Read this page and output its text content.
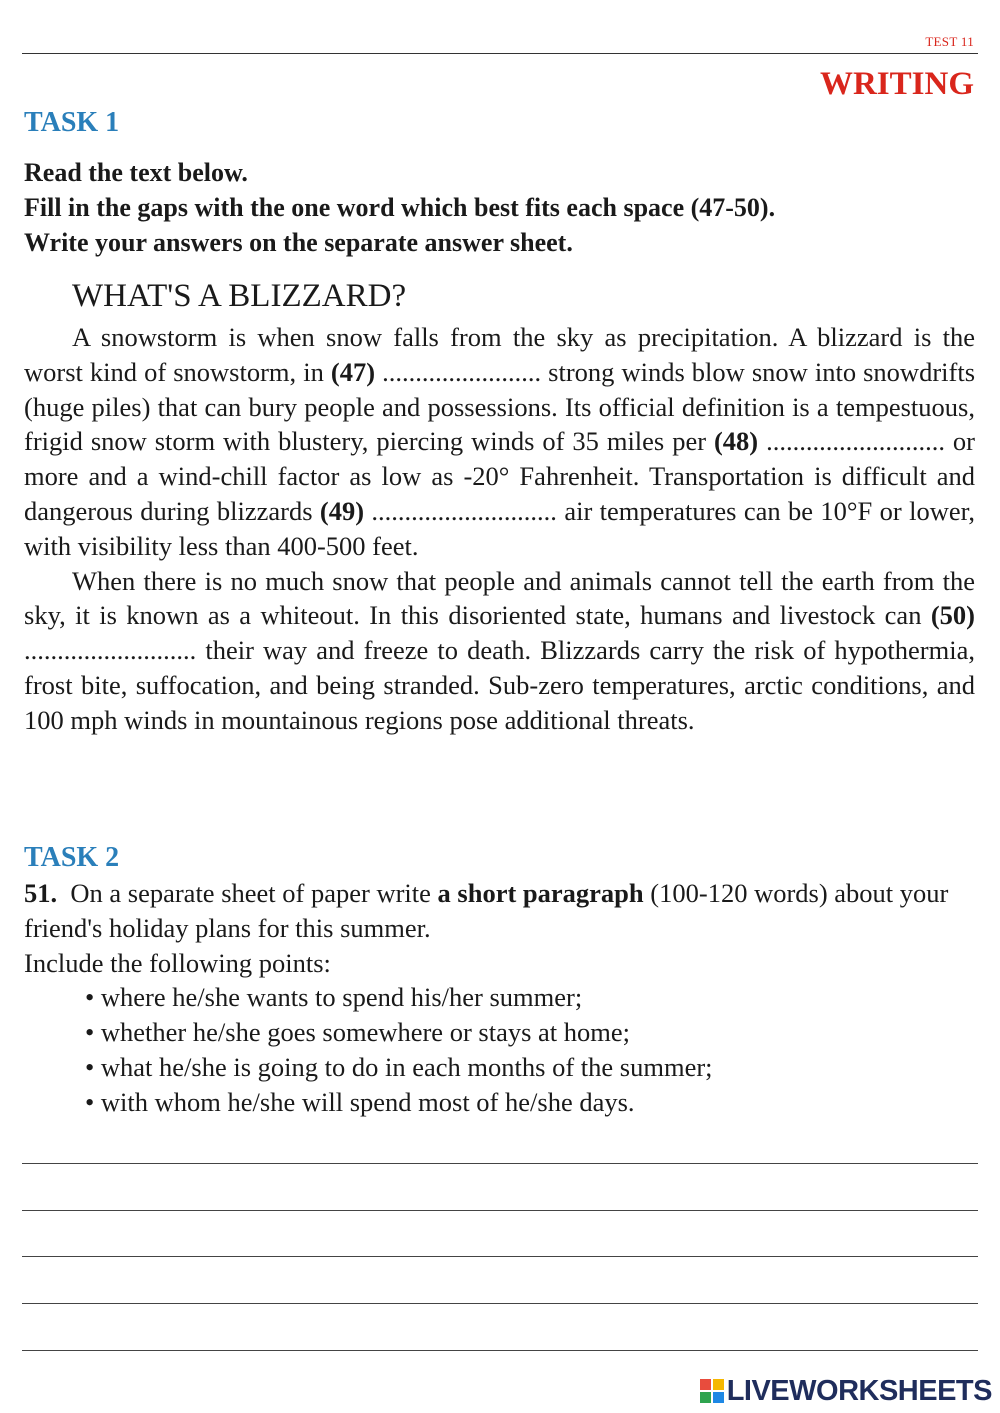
TEST 11
WRITING
TASK 1
Read the text below.
Fill in the gaps with the one word which best fits each space (47-50).
Write your answers on the separate answer sheet.
WHAT'S A BLIZZARD?

A snowstorm is when snow falls from the sky as precipitation. A blizzard is the worst kind of snowstorm, in (47) ........................ strong winds blow snow into snowdrifts (huge piles) that can bury people and possessions. Its official definition is a tempestuous, frigid snow storm with blustery, piercing winds of 35 miles per (48) ........................... or more and a wind-chill factor as low as -20° Fahrenheit. Transportation is difficult and dangerous during blizzards (49) ............................ air temperatures can be 10°F or lower, with visibility less than 400-500 feet.

When there is no much snow that people and animals cannot tell the earth from the sky, it is known as a whiteout. In this disoriented state, humans and livestock can (50) .......................... their way and freeze to death. Blizzards carry the risk of hypothermia, frost bite, suffocation, and being stranded. Sub-zero temperatures, arctic conditions, and 100 mph winds in mountainous regions pose additional threats.

TASK 2

51. On a separate sheet of paper write a short paragraph (100-120 words) about your friend's holiday plans for this summer.

Include the following points:

• where he/she wants to spend his/her summer;
• whether he/she goes somewhere or stays at home;
• what he/she is going to do in each months of the summer;
• with whom he/she will spend most of he/she days.
LIVEWORKSHEETS
